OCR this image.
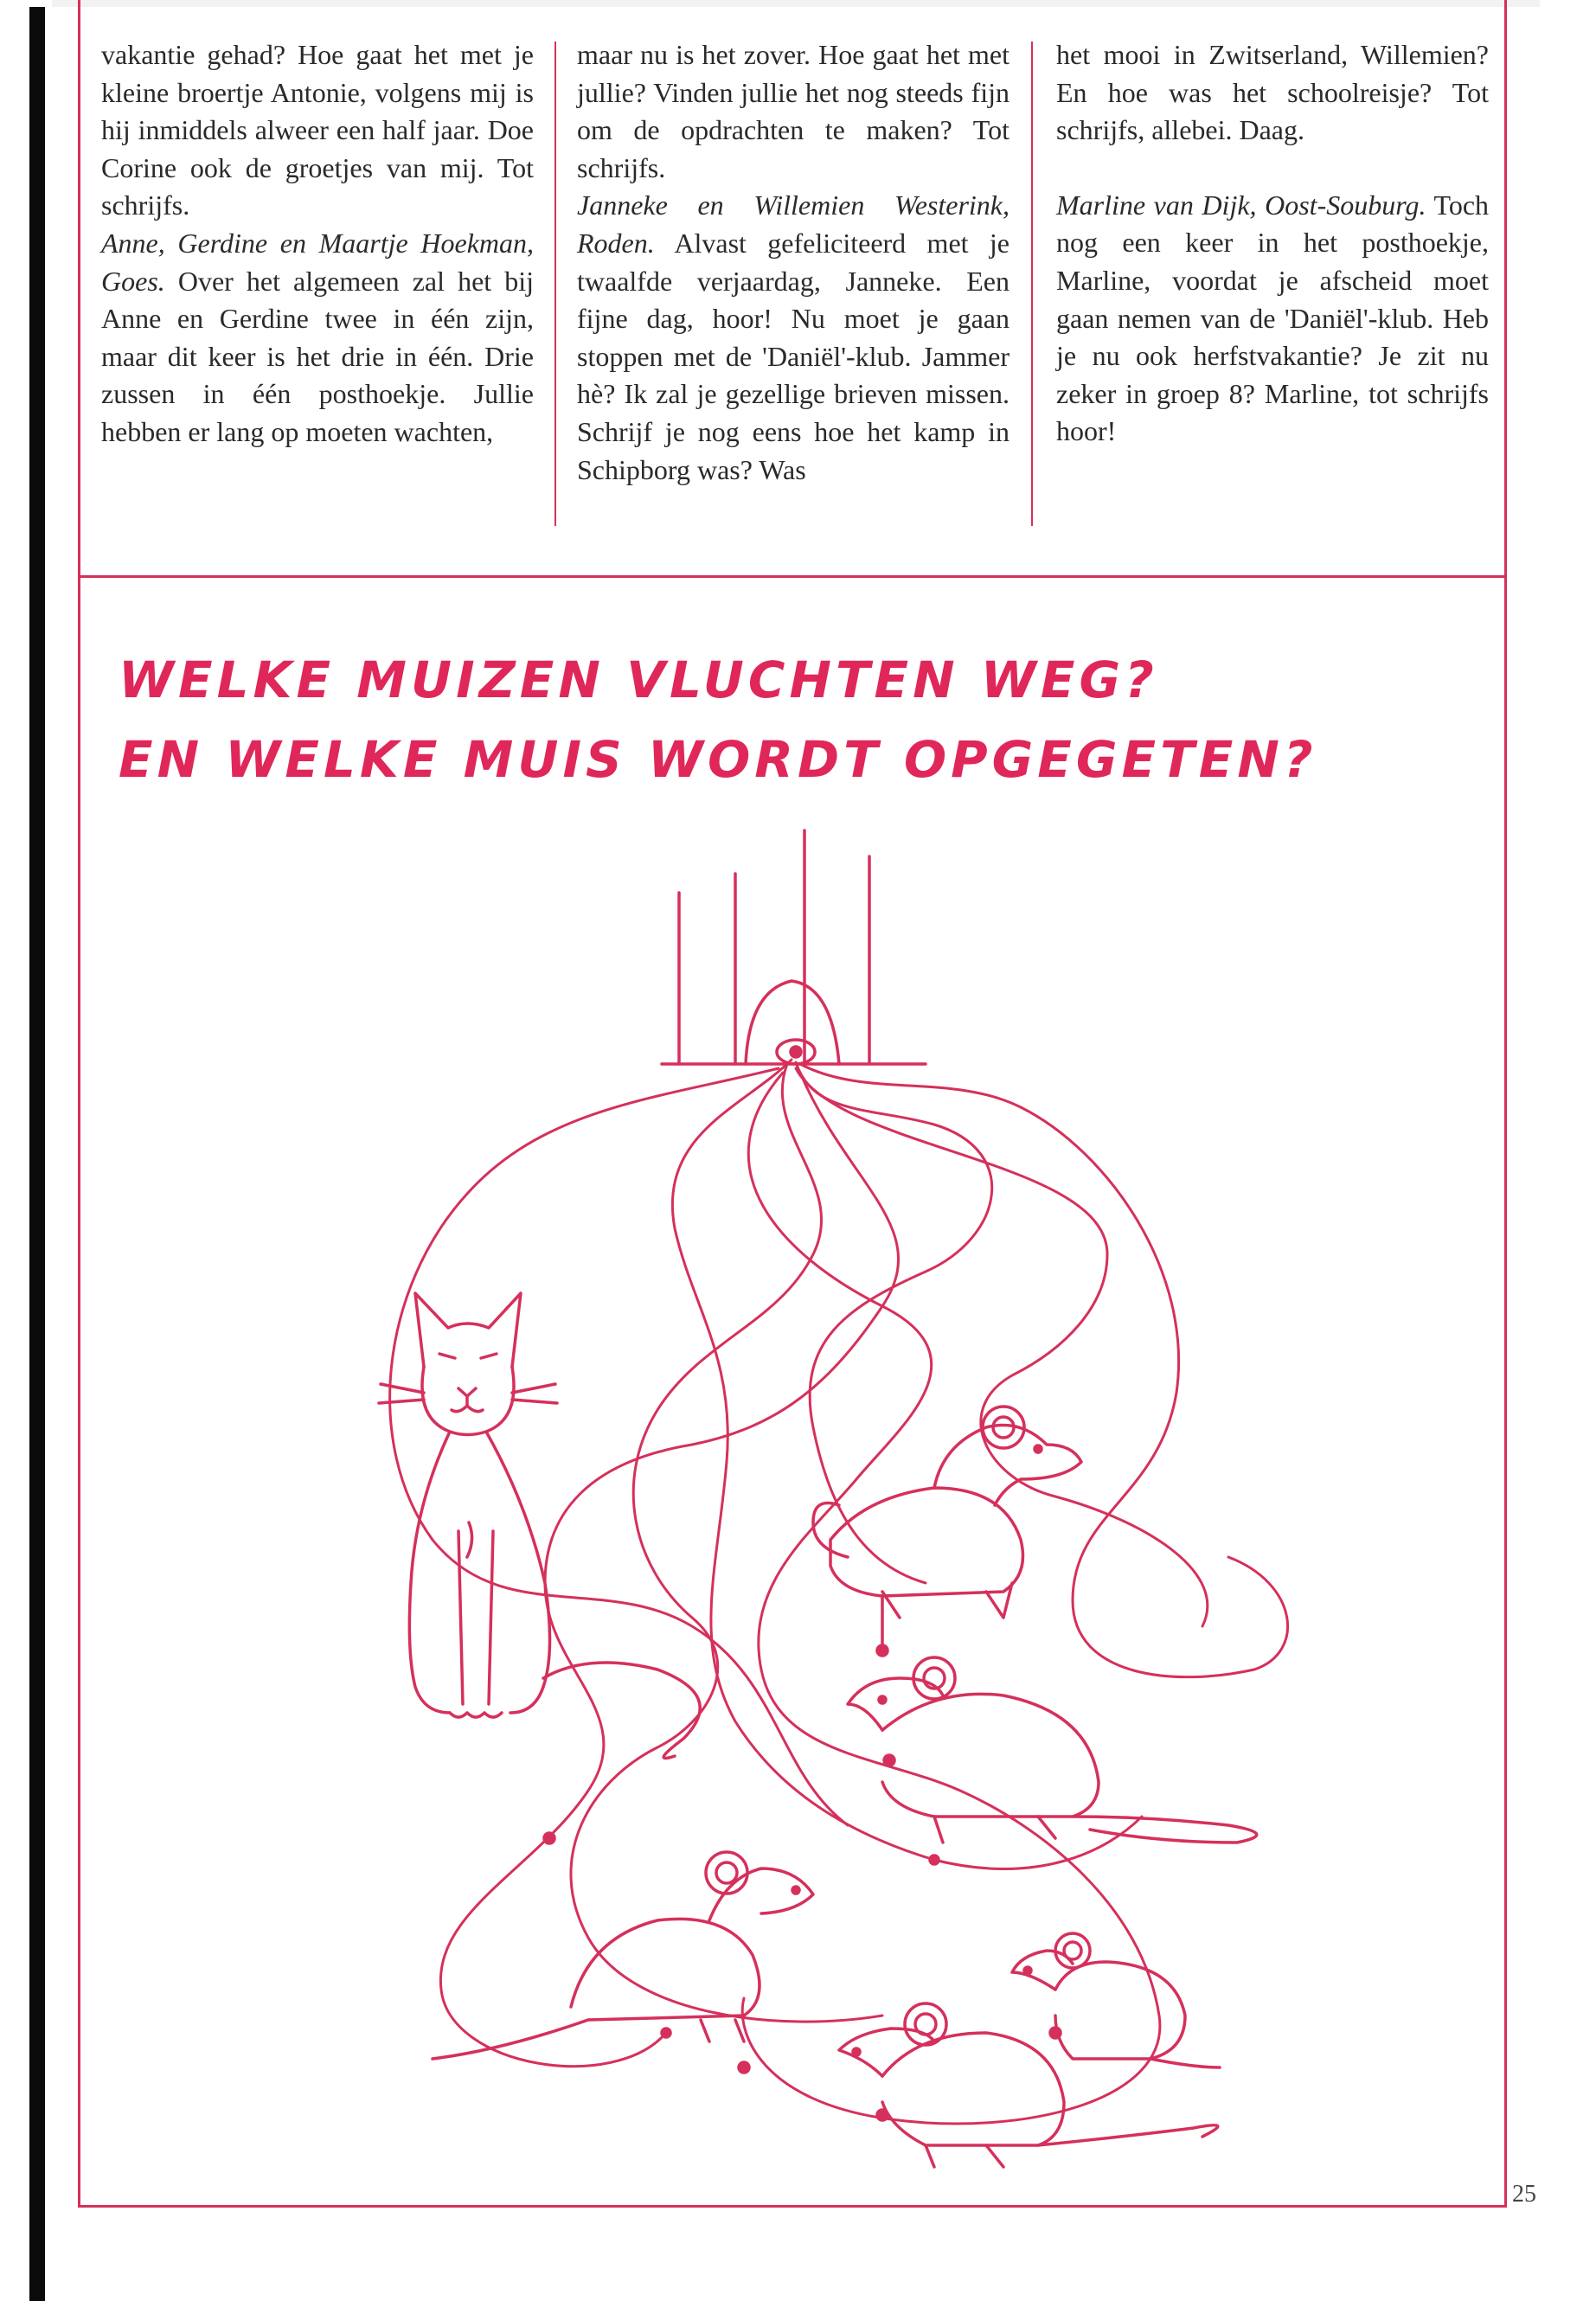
vakantie gehad? Hoe gaat het met je kleine broertje Antonie, volgens mij is hij inmiddels alweer een half jaar. Doe Corine ook de groetjes van mij. Tot schrijfs.

Anne, Gerdine en Maartje Hoekman, Goes. Over het algemeen zal het bij Anne en Gerdine twee in één zijn, maar dit keer is het drie in één. Drie zussen in één posthoekje. Jullie hebben er lang op moeten wachten,

maar nu is het zover. Hoe gaat het met jullie? Vinden jullie het nog steeds fijn om de opdrachten te maken? Tot schrijfs.

Janneke en Willemien Westerink, Roden. Alvast gefeliciteerd met je twaalfde verjaardag, Janneke. Een fijne dag, hoor! Nu moet je gaan stoppen met de 'Daniël'-klub. Jammer hè? Ik zal je gezellige brieven missen. Schrijf je nog eens hoe het kamp in Schipborg was? Was

het mooi in Zwitserland, Willemien? En hoe was het schoolreisje? Tot schrijfs, allebei. Daag.

Marline van Dijk, Oost-Souburg. Toch nog een keer in het posthoekje, Marline, voordat je afscheid moet gaan nemen van de 'Daniël'-klub. Heb je nu ook herfstvakantie? Je zit nu zeker in groep 8? Marline, tot schrijfs hoor!

WELKE MUIZEN VLUCHTEN WEG?
EN WELKE MUIS WORDT OPGEGETEN?
25
